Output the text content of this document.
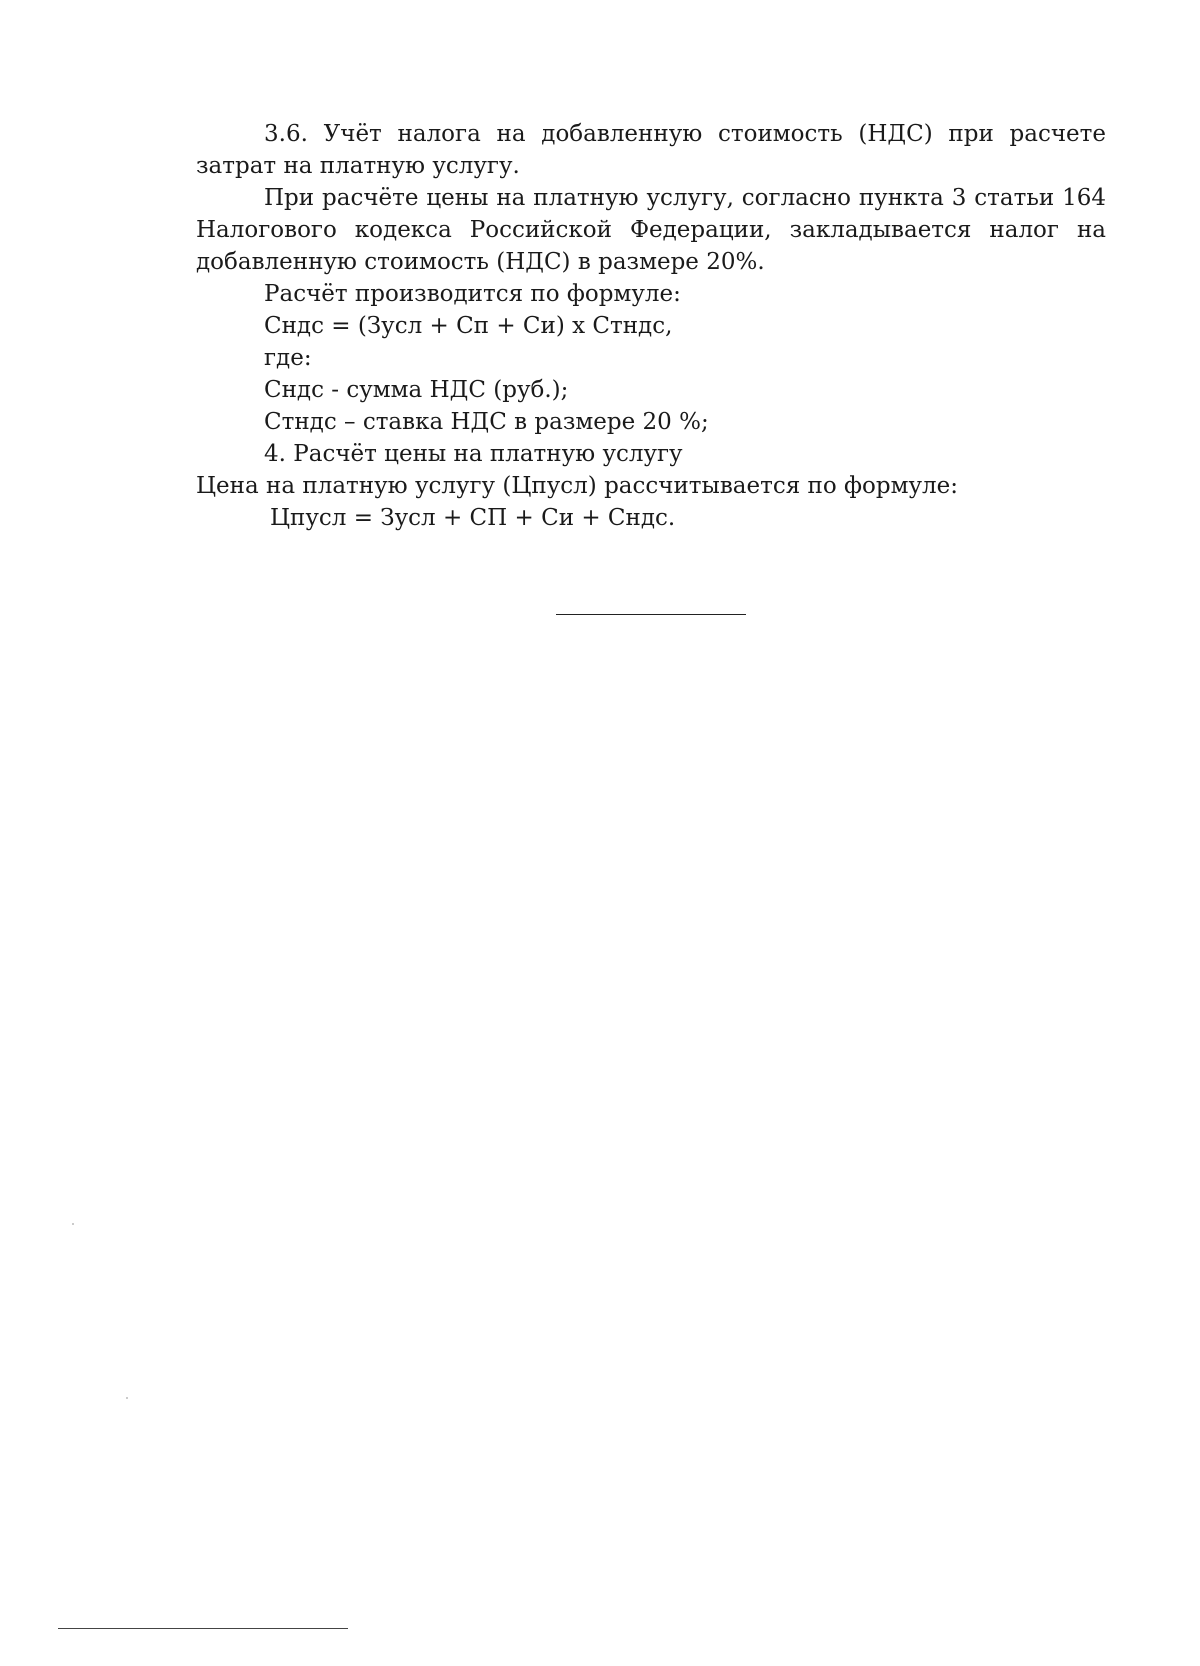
3.6. Учёт налога на добавленную стоимость (НДС) при расчете затрат на платную услугу.

При расчёте цены на платную услугу, согласно пункта 3 статьи 164 Налогового кодекса Российской Федерации, закладывается налог на добавленную стоимость (НДС) в размере 20%.

Расчёт производится по формуле:

Сндс = (Зусл + Сп + Си) х Стндс,

где:

Сндс - сумма НДС (руб.);

Стндс – ставка НДС в размере 20 %;

4. Расчёт цены на платную услугу

Цена на платную услугу (Цпусл) рассчитывается по формуле:

Цпусл = Зусл + СП + Си + Сндс.
